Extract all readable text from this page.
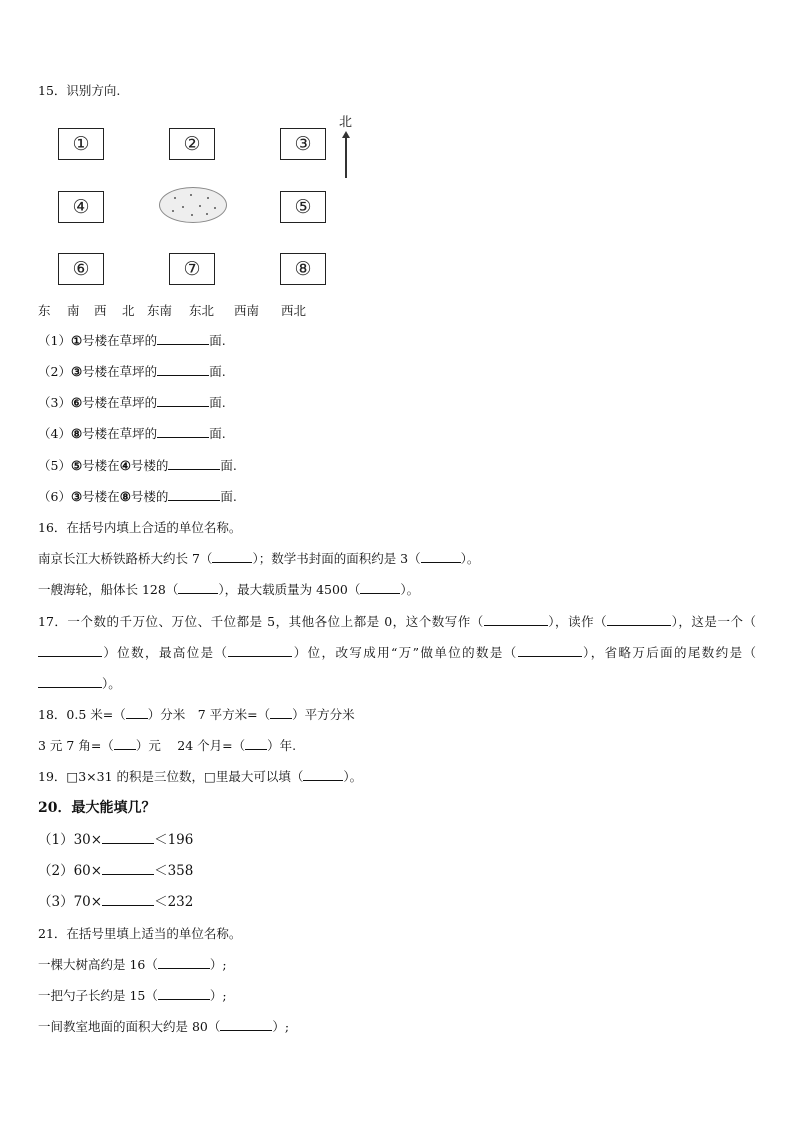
15．识别方向.
①	②	③
④	⑤
⑥	⑦	⑧
北
东 南 西 北 东南 东北 西南 西北
（1）①号楼在草坪的	面.
（2）③号楼在草坪的	面.
（3）⑥号楼在草坪的	面.
（4）⑧号楼在草坪的	面.
（5）⑤号楼在④号楼的	面.
（6）③号楼在⑧号楼的	面.
16．在括号内填上合适的单位名称。
南京长江大桥铁路桥大约长 7（	）；数学书封面的面积约是 3（	）。
一艘海轮，船体长 128（	），最大载质量为 4500（	）。
17．一个数的千万位、万位、千位都是 5，其他各位上都是 0，这个数写作（	），读作（	），这是一个（）位数，最高位是（	）位，改写成用“万”做单位的数是（	），省略万后面的尾数约是（）。
18．0.5 米=（ ）分米　7 平方米=（ ）平方分米
3 元 7 角=（ ）元　 24 个月=（ ）年.
19．□3×31 的积是三位数，□里最大可以填（	）。
20．最大能填几？
（1）30×	＜196
（2）60×	＜358
（3）70×	＜232
21．在括号里填上适当的单位名称。
一棵大树高约是 16（	）;
一把勺子长约是 15（	）;
一间教室地面的面积大约是 80（	）;
